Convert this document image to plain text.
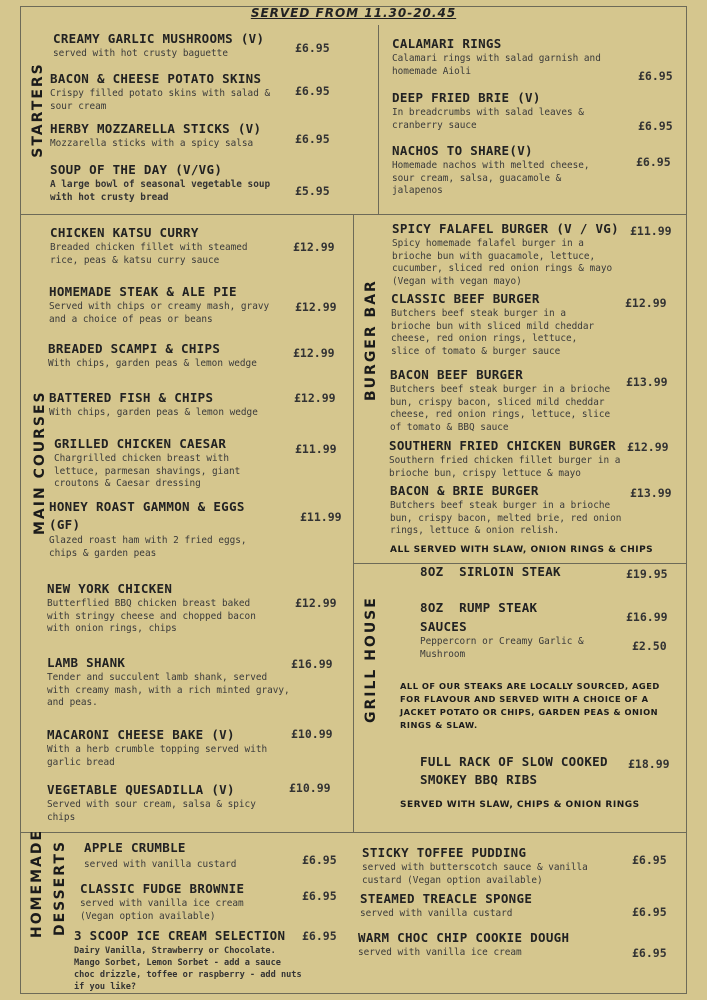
SERVED FROM 11.30-20.45
STARTERS
MAIN COURSES
BURGER BAR
GRILL HOUSE
HOMEMADE DESSERTS
CREAMY GARLIC MUSHROOMS (V)
served with hot crusty baguette	£6.95
BACON & CHEESE POTATO SKINS
Crispy filled potato skins with salad & sour cream
£6.95
HERBY MOZZARELLA STICKS (V)
Mozzarella sticks with a spicy salsa	£6.95
SOUP OF THE DAY (V/VG)
A large bowl of seasonal vegetable soup with hot crusty bread	£5.95
CALAMARI RINGS
Calamari rings with salad garnish and homemade Aioli	£6.95
DEEP FRIED BRIE (V)
In breadcrumbs with salad leaves & cranberry sauce	£6.95
NACHOS TO SHARE(V)
Homemade nachos with melted cheese, sour cream, salsa, guacamole & jalapenos
£6.95
CHICKEN KATSU CURRY
Breaded chicken fillet with steamed rice, peas & katsu curry sauce
£12.99
HOMEMADE STEAK & ALE PIE
Served with chips or creamy mash, gravy and a choice of peas or beans
£12.99
BREADED SCAMPI & CHIPS
With chips, garden peas & lemon wedge
£12.99
BATTERED FISH & CHIPS
With chips, garden peas & lemon wedge
£12.99
GRILLED CHICKEN CAESAR
Chargrilled chicken breast with lettuce, parmesan shavings, giant croutons & Caesar dressing
£11.99
HONEY ROAST GAMMON & EGGS
(GF)
Glazed roast ham with 2 fried eggs, chips & garden peas
£11.99
NEW YORK CHICKEN
Butterflied BBQ chicken breast baked with stringy cheese and chopped bacon with onion rings, chips
£12.99
LAMB SHANK
Tender and succulent lamb shank, served with creamy mash, with a rich minted gravy, and peas.
£16.99
MACARONI CHEESE BAKE (V)
With a herb crumble topping served with garlic bread
£10.99
VEGETABLE QUESADILLA (V)
Served with sour cream, salsa & spicy chips
£10.99
SPICY FALAFEL BURGER (V / VG)
Spicy homemade falafel burger in a brioche bun with guacamole, lettuce, cucumber, sliced red onion rings & mayo (Vegan with vegan mayo)
£11.99
CLASSIC BEEF BURGER
Butchers beef steak burger in a brioche bun with sliced mild cheddar cheese, red onion rings, lettuce, slice of tomato & burger sauce
£12.99
BACON BEEF BURGER
Butchers beef steak burger in a brioche bun, crispy bacon, sliced mild cheddar cheese, red onion rings, lettuce, slice of tomato & BBQ sauce
£13.99
SOUTHERN FRIED CHICKEN BURGER
Southern fried chicken fillet burger in a brioche bun, crispy lettuce & mayo
£12.99
BACON & BRIE BURGER
Butchers beef steak burger in a brioche bun, crispy bacon, melted brie, red onion rings, lettuce & onion relish.
£13.99
ALL SERVED WITH SLAW, ONION RINGS & CHIPS
8OZ  SIRLOIN STEAK	£19.95
8OZ  RUMP STEAK
£16.99
SAUCES
Peppercorn or Creamy Garlic & Mushroom
£2.50
ALL OF OUR STEAKS ARE LOCALLY SOURCED, AGED FOR FLAVOUR AND SERVED WITH A CHOICE OF A JACKET POTATO OR CHIPS, GARDEN PEAS & ONION RINGS & SLAW.
FULL RACK OF SLOW COOKED SMOKEY BBQ RIBS
£18.99
SERVED WITH SLAW, CHIPS & ONION RINGS
APPLE CRUMBLE
served with vanilla custard	£6.95
CLASSIC FUDGE BROWNIE
served with vanilla ice cream (Vegan option available)
£6.95
3 SCOOP ICE CREAM SELECTION
Dairy Vanilla, Strawberry or Chocolate. Mango Sorbet, Lemon Sorbet - add a sauce choc drizzle, toffee or raspberry - add nuts if you like?
£6.95
STICKY TOFFEE PUDDING
served with butterscotch sauce & vanilla custard (Vegan option available)
£6.95
STEAMED TREACLE SPONGE
served with vanilla custard	£6.95
WARM CHOC CHIP COOKIE DOUGH
served with vanilla ice cream	£6.95
